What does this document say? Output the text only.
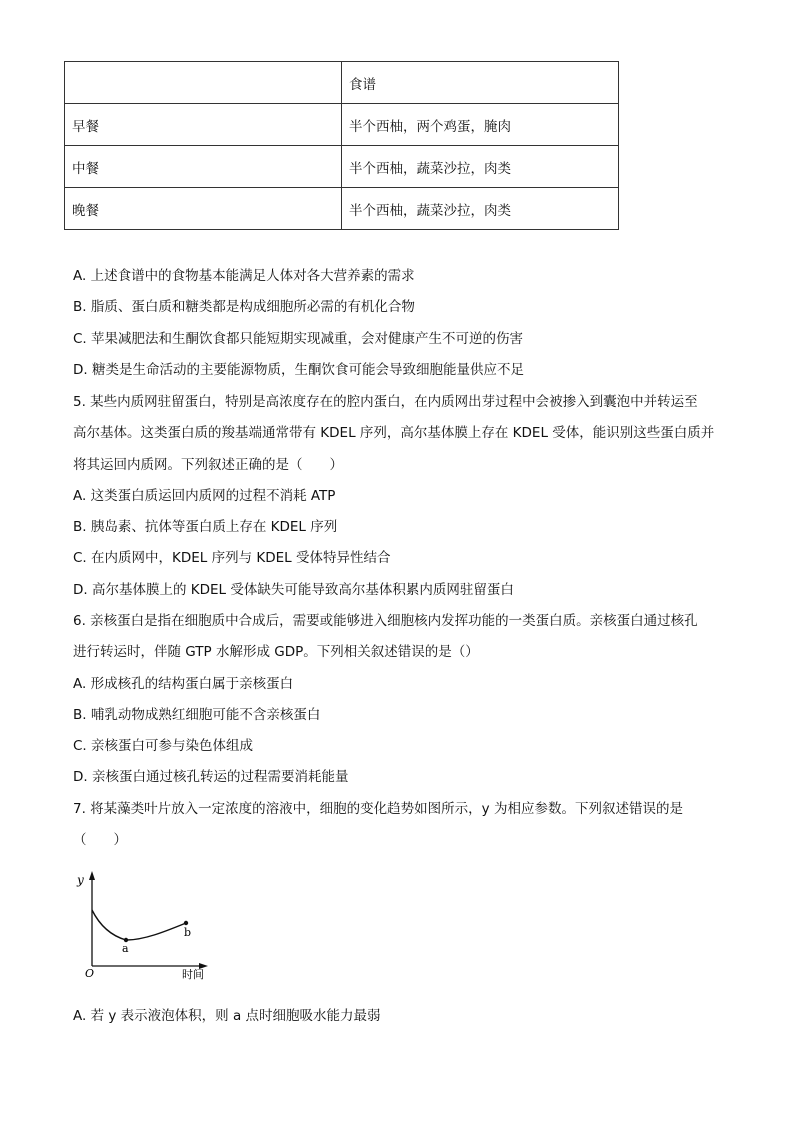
	食谱
早餐	半个西柚，两个鸡蛋，腌肉
中餐	半个西柚，蔬菜沙拉，肉类
晚餐	半个西柚，蔬菜沙拉，肉类
A. 上述食谱中的食物基本能满足人体对各大营养素的需求
B. 脂质、蛋白质和糖类都是构成细胞所必需的有机化合物
C. 苹果减肥法和生酮饮食都只能短期实现减重，会对健康产生不可逆的伤害
D. 糖类是生命活动的主要能源物质，生酮饮食可能会导致细胞能量供应不足
5. 某些内质网驻留蛋白，特别是高浓度存在的腔内蛋白，在内质网出芽过程中会被掺入到囊泡中并转运至
高尔基体。这类蛋白质的羧基端通常带有 KDEL 序列，高尔基体膜上存在 KDEL 受体，能识别这些蛋白质并
将其运回内质网。下列叙述正确的是（　　）
A. 这类蛋白质运回内质网的过程不消耗 ATP
B. 胰岛素、抗体等蛋白质上存在 KDEL 序列
C. 在内质网中，KDEL 序列与 KDEL 受体特异性结合
D. 高尔基体膜上的 KDEL 受体缺失可能导致高尔基体积累内质网驻留蛋白
6. 亲核蛋白是指在细胞质中合成后，需要或能够进入细胞核内发挥功能的一类蛋白质。亲核蛋白通过核孔
进行转运时，伴随 GTP 水解形成 GDP。下列相关叙述错误的是（）
A. 形成核孔的结构蛋白属于亲核蛋白
B. 哺乳动物成熟红细胞可能不含亲核蛋白
C. 亲核蛋白可参与染色体组成
D. 亲核蛋白通过核孔转运的过程需要消耗能量
7. 将某藻类叶片放入一定浓度的溶液中，细胞的变化趋势如图所示，y 为相应参数。下列叙述错误的是
（　　）
y
O	时间
a
b
A. 若 y 表示液泡体积，则 a 点时细胞吸水能力最弱
